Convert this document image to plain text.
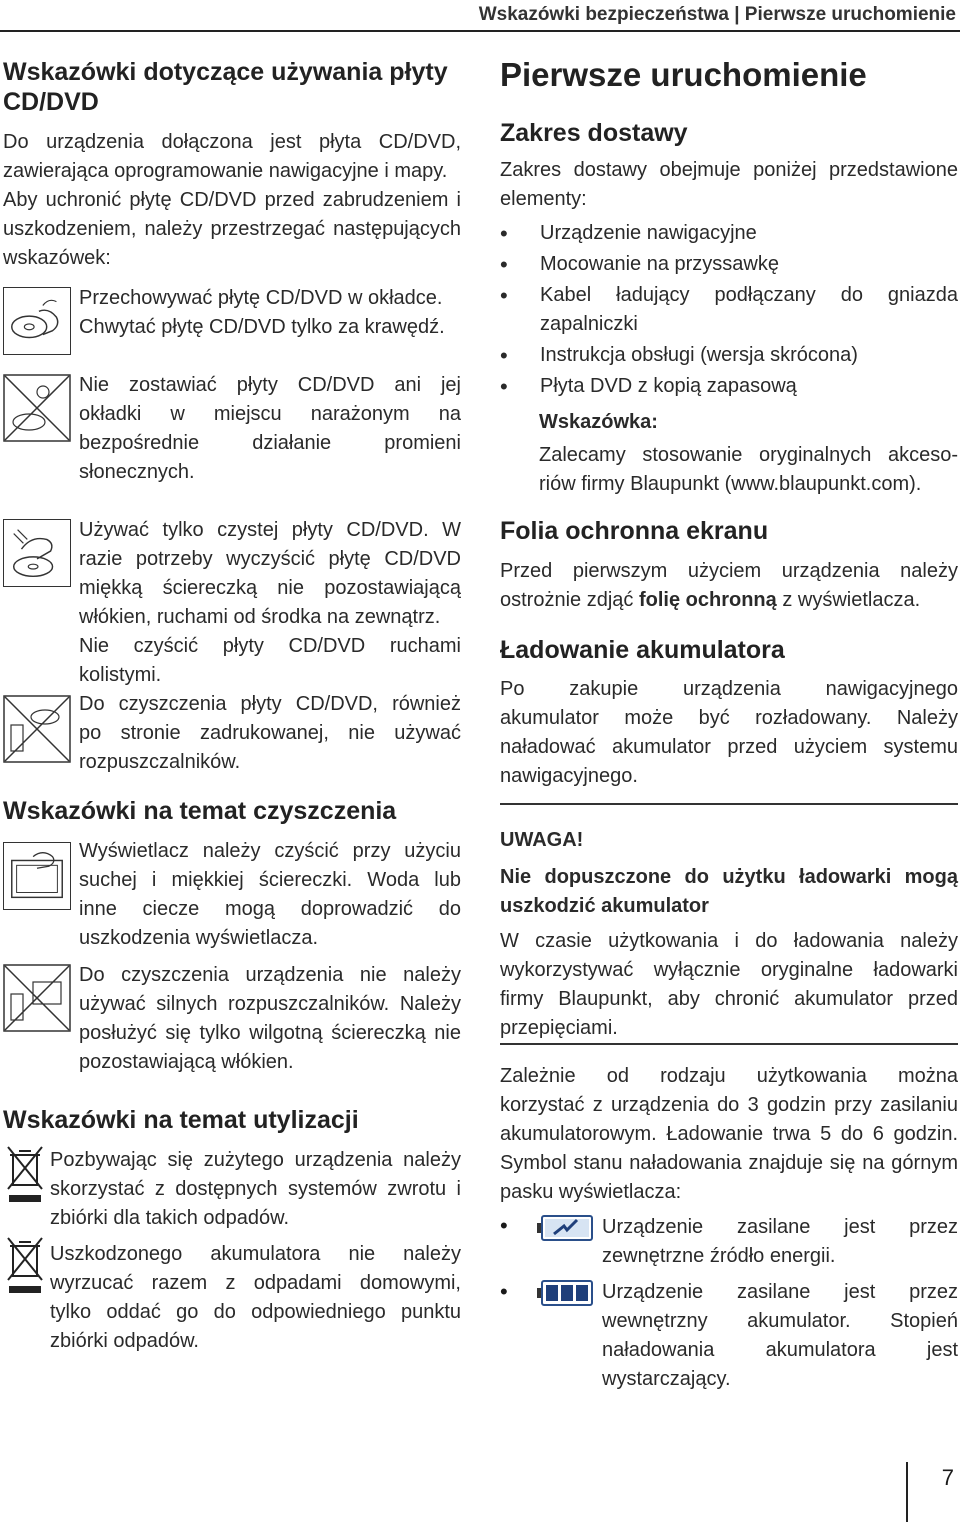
Wskazówki bezpieczeństwa | Pierwsze uruchomienie
Wskazówki dotyczące używania płyty
CD/DVD
Do urządzenia dołączona jest płyta CD/DVD,
zawierająca oprogramowanie nawigacyjne i mapy.
Aby uchronić płytę CD/DVD przed zabrudzeniem i
uszkodzeniem, należy przestrzegać następujących
wskazówek:
Przechowywać płytę CD/DVD w okładce.
Chwytać płytę CD/DVD tylko za krawędź.
Nie zostawiać płyty CD/DVD ani jej
okładki w miejscu narażonym na
bezpośrednie działanie promieni
słonecznych.
Używać tylko czystej płyty CD/DVD. W
razie potrzeby wyczyścić płytę CD/DVD
miękką ściereczką nie pozostawiającą
włókien, ruchami od środka na zewnątrz.
Nie czyścić płyty CD/DVD ruchami
kolistymi.
Do czyszczenia płyty CD/DVD, również
po stronie zadrukowanej, nie używać
rozpuszczalników.
Wskazówki na temat czyszczenia
Wyświetlacz należy czyścić przy użyciu
suchej i miękkiej ściereczki. Woda lub
inne ciecze mogą doprowadzić do
uszkodzenia wyświetlacza.
Do czyszczenia urządzenia nie należy
używać silnych rozpuszczalników. Należy
posłużyć się tylko wilgotną ściereczką nie
pozostawiającą włókien.
Wskazówki na temat utylizacji
Pozbywając się zużytego urządzenia należy
skorzystać z dostępnych systemów zwrotu i
zbiórki dla takich odpadów.
Uszkodzonego akumulatora nie należy
wyrzucać razem z odpadami domowymi,
tylko oddać go do odpowiedniego punktu
zbiórki odpadów.
Pierwsze uruchomienie
Zakres dostawy
Zakres dostawy obejmuje poniżej przedstawione
elementy:
• Urządzenie nawigacyjne
• Mocowanie na przyssawkę
• Kabel ładujący podłączany do gniazda
zapalniczki
• Instrukcja obsługi (wersja skrócona)
• Płyta DVD z kopią zapasową
Wskazówka:
Zalecamy stosowanie oryginalnych akceso-
riów firmy Blaupunkt (www.blaupunkt.com).
Folia ochronna ekranu
Przed pierwszym użyciem urządzenia należy
ostrożnie zdjąć folię ochronną z wyświetlacza.
Ładowanie akumulatora
Po zakupie urządzenia nawigacyjnego
akumulator może być rozładowany. Należy
naładować akumulator przed użyciem systemu
nawigacyjnego.
UWAGA!
Nie dopuszczone do użytku ładowarki mogą
uszkodzić akumulator
W czasie użytkowania i do ładowania należy
wykorzystywać wyłącznie oryginalne ładowarki
firmy Blaupunkt, aby chronić akumulator przed
przepięciami.
Zależnie od rodzaju użytkowania można
korzystać z urządzenia do 3 godzin przy zasilaniu
akumulatorowym. Ładowanie trwa 5 do 6 godzin.
Symbol stanu naładowania znajduje się na górnym
pasku wyświetlacza:
•	Urządzenie zasilane jest przez
zewnętrzne źródło energii.
•	Urządzenie zasilane jest przez
wewnętrzny akumulator. Stopień
naładowania akumulatora jest
wystarczający.
7
